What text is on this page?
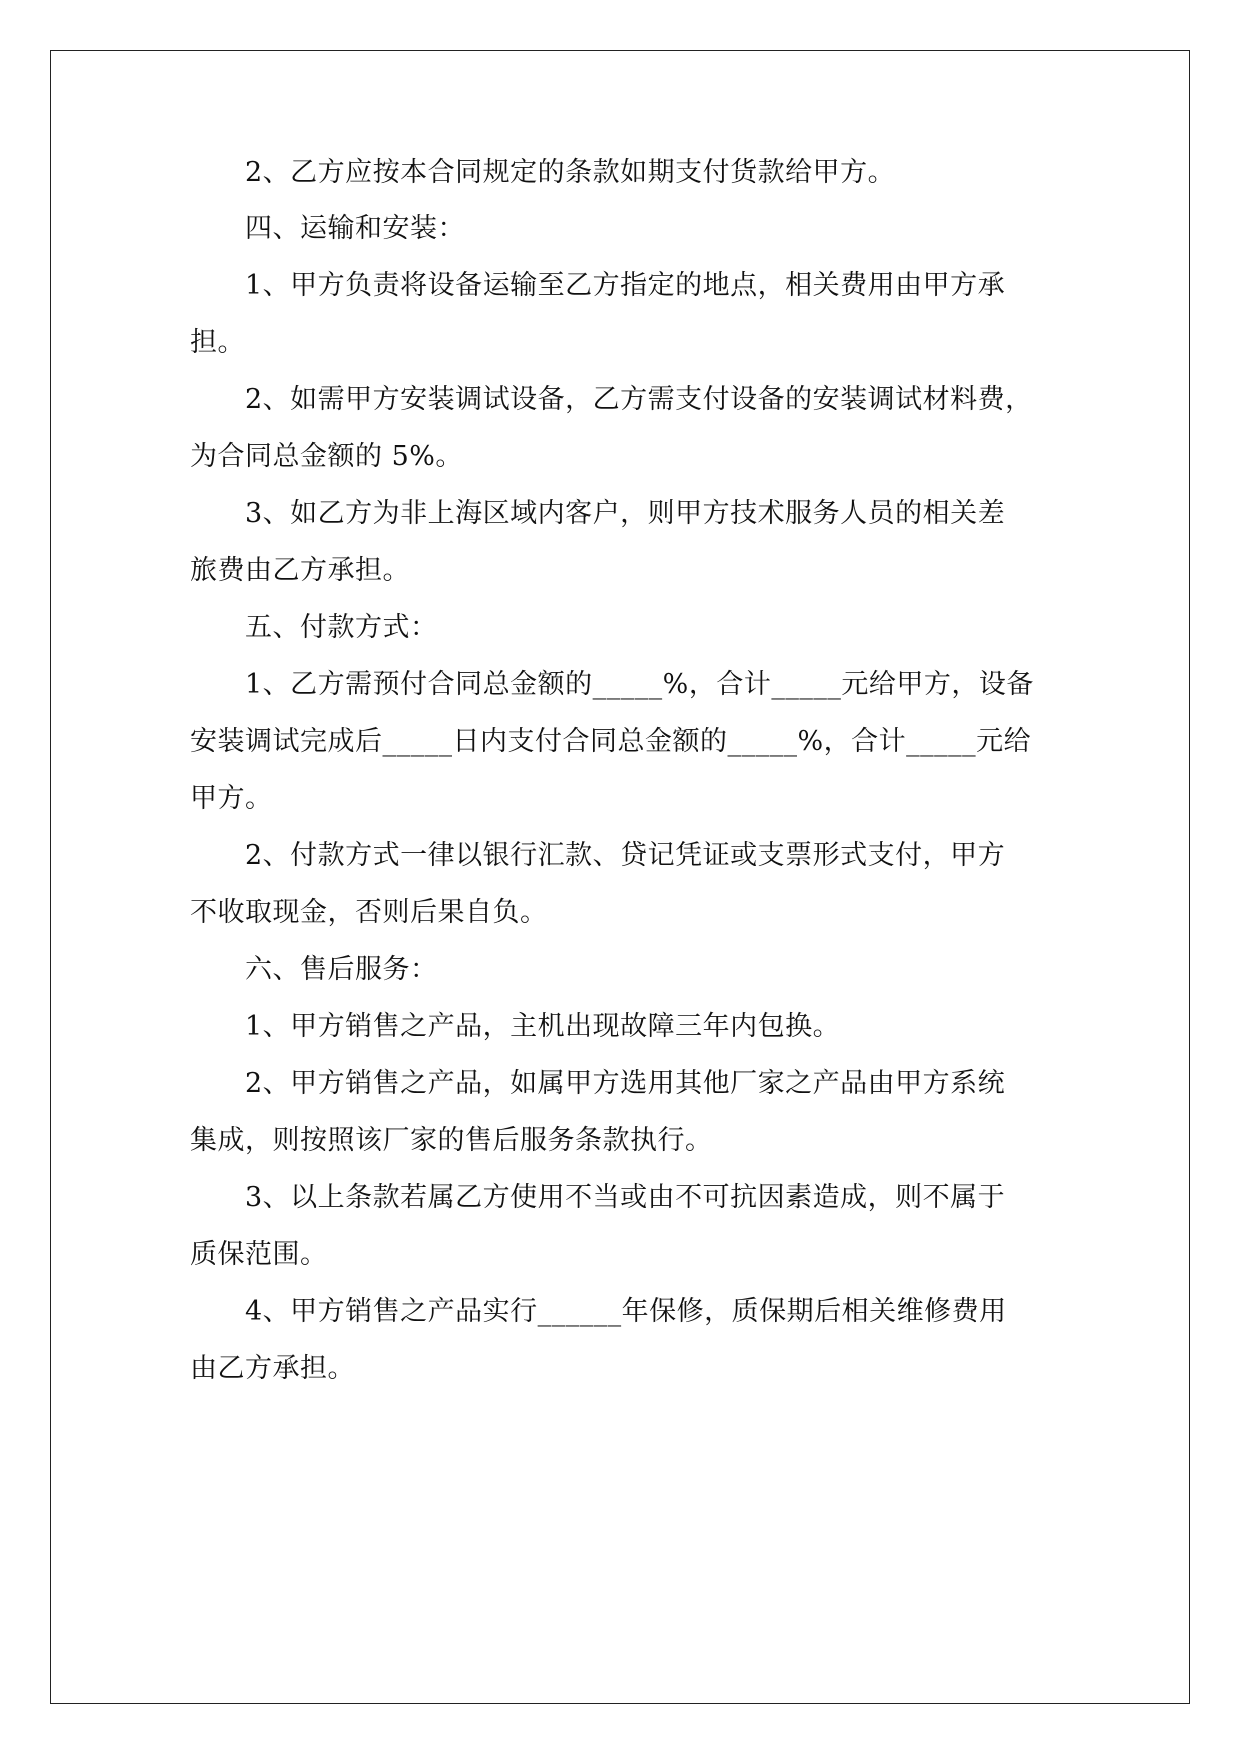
2、乙方应按本合同规定的条款如期支付货款给甲方。
四、运输和安装：
1、甲方负责将设备运输至乙方指定的地点，相关费用由甲方承
担。
2、如需甲方安装调试设备，乙方需支付设备的安装调试材料费，
为合同总金额的 5%。
3、如乙方为非上海区域内客户，则甲方技术服务人员的相关差
旅费由乙方承担。
五、付款方式：
1、乙方需预付合同总金额的_____%，合计_____元给甲方，设备
安装调试完成后_____日内支付合同总金额的_____%，合计_____元给
甲方。
2、付款方式一律以银行汇款、贷记凭证或支票形式支付，甲方
不收取现金，否则后果自负。
六、售后服务：
1、甲方销售之产品，主机出现故障三年内包换。
2、甲方销售之产品，如属甲方选用其他厂家之产品由甲方系统
集成，则按照该厂家的售后服务条款执行。
3、以上条款若属乙方使用不当或由不可抗因素造成，则不属于
质保范围。
4、甲方销售之产品实行______年保修，质保期后相关维修费用
由乙方承担。
